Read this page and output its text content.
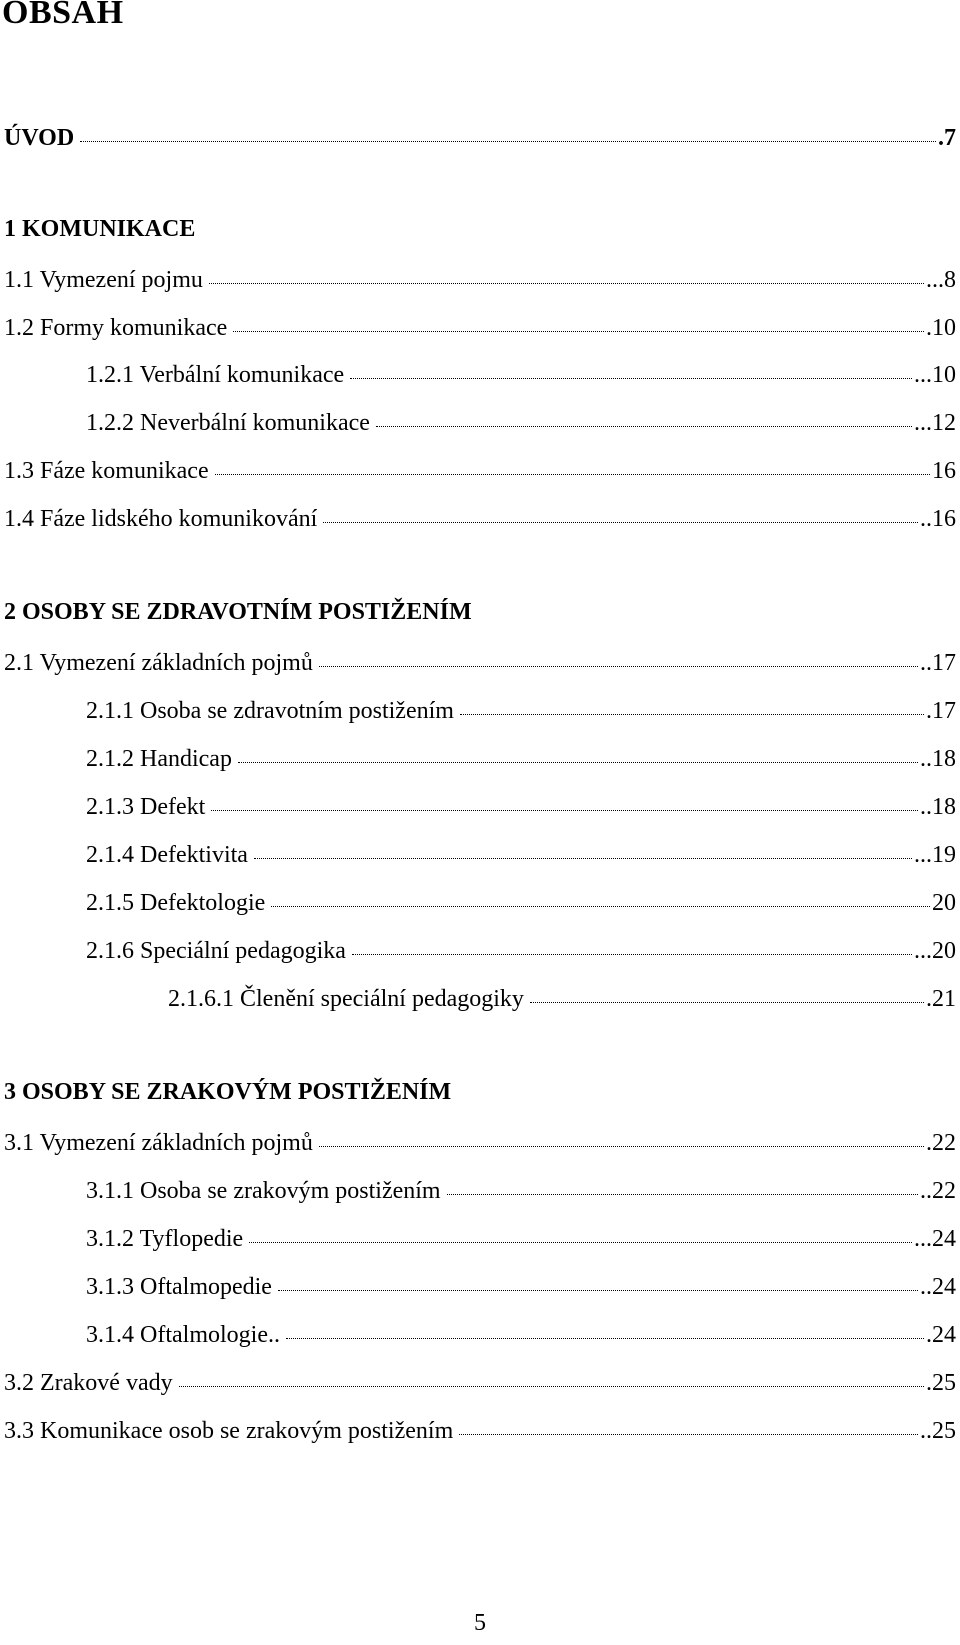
OBSAH
ÚVOD	.7
1 KOMUNIKACE
1.1 Vymezení pojmu	...8
1.2 Formy komunikace	.10
1.2.1 Verbální komunikace	...10
1.2.2 Neverbální komunikace	...12
1.3 Fáze komunikace	16
1.4 Fáze lidského komunikování	..16
2 OSOBY SE ZDRAVOTNÍM POSTIŽENÍM
2.1 Vymezení základních pojmů	..17
2.1.1 Osoba se zdravotním postižením	.17
2.1.2 Handicap	..18
2.1.3 Defekt	..18
2.1.4 Defektivita	...19
2.1.5 Defektologie	20
2.1.6 Speciální pedagogika	...20
2.1.6.1 Členění speciální pedagogiky	.21
3 OSOBY SE ZRAKOVÝM POSTIŽENÍM
3.1 Vymezení základních pojmů	.22
3.1.1 Osoba se zrakovým postižením	..22
3.1.2 Tyflopedie	...24
3.1.3 Oftalmopedie	..24
3.1.4 Oftalmologie..	.24
3.2 Zrakové vady	.25
3.3 Komunikace osob se zrakovým postižením	..25
5
